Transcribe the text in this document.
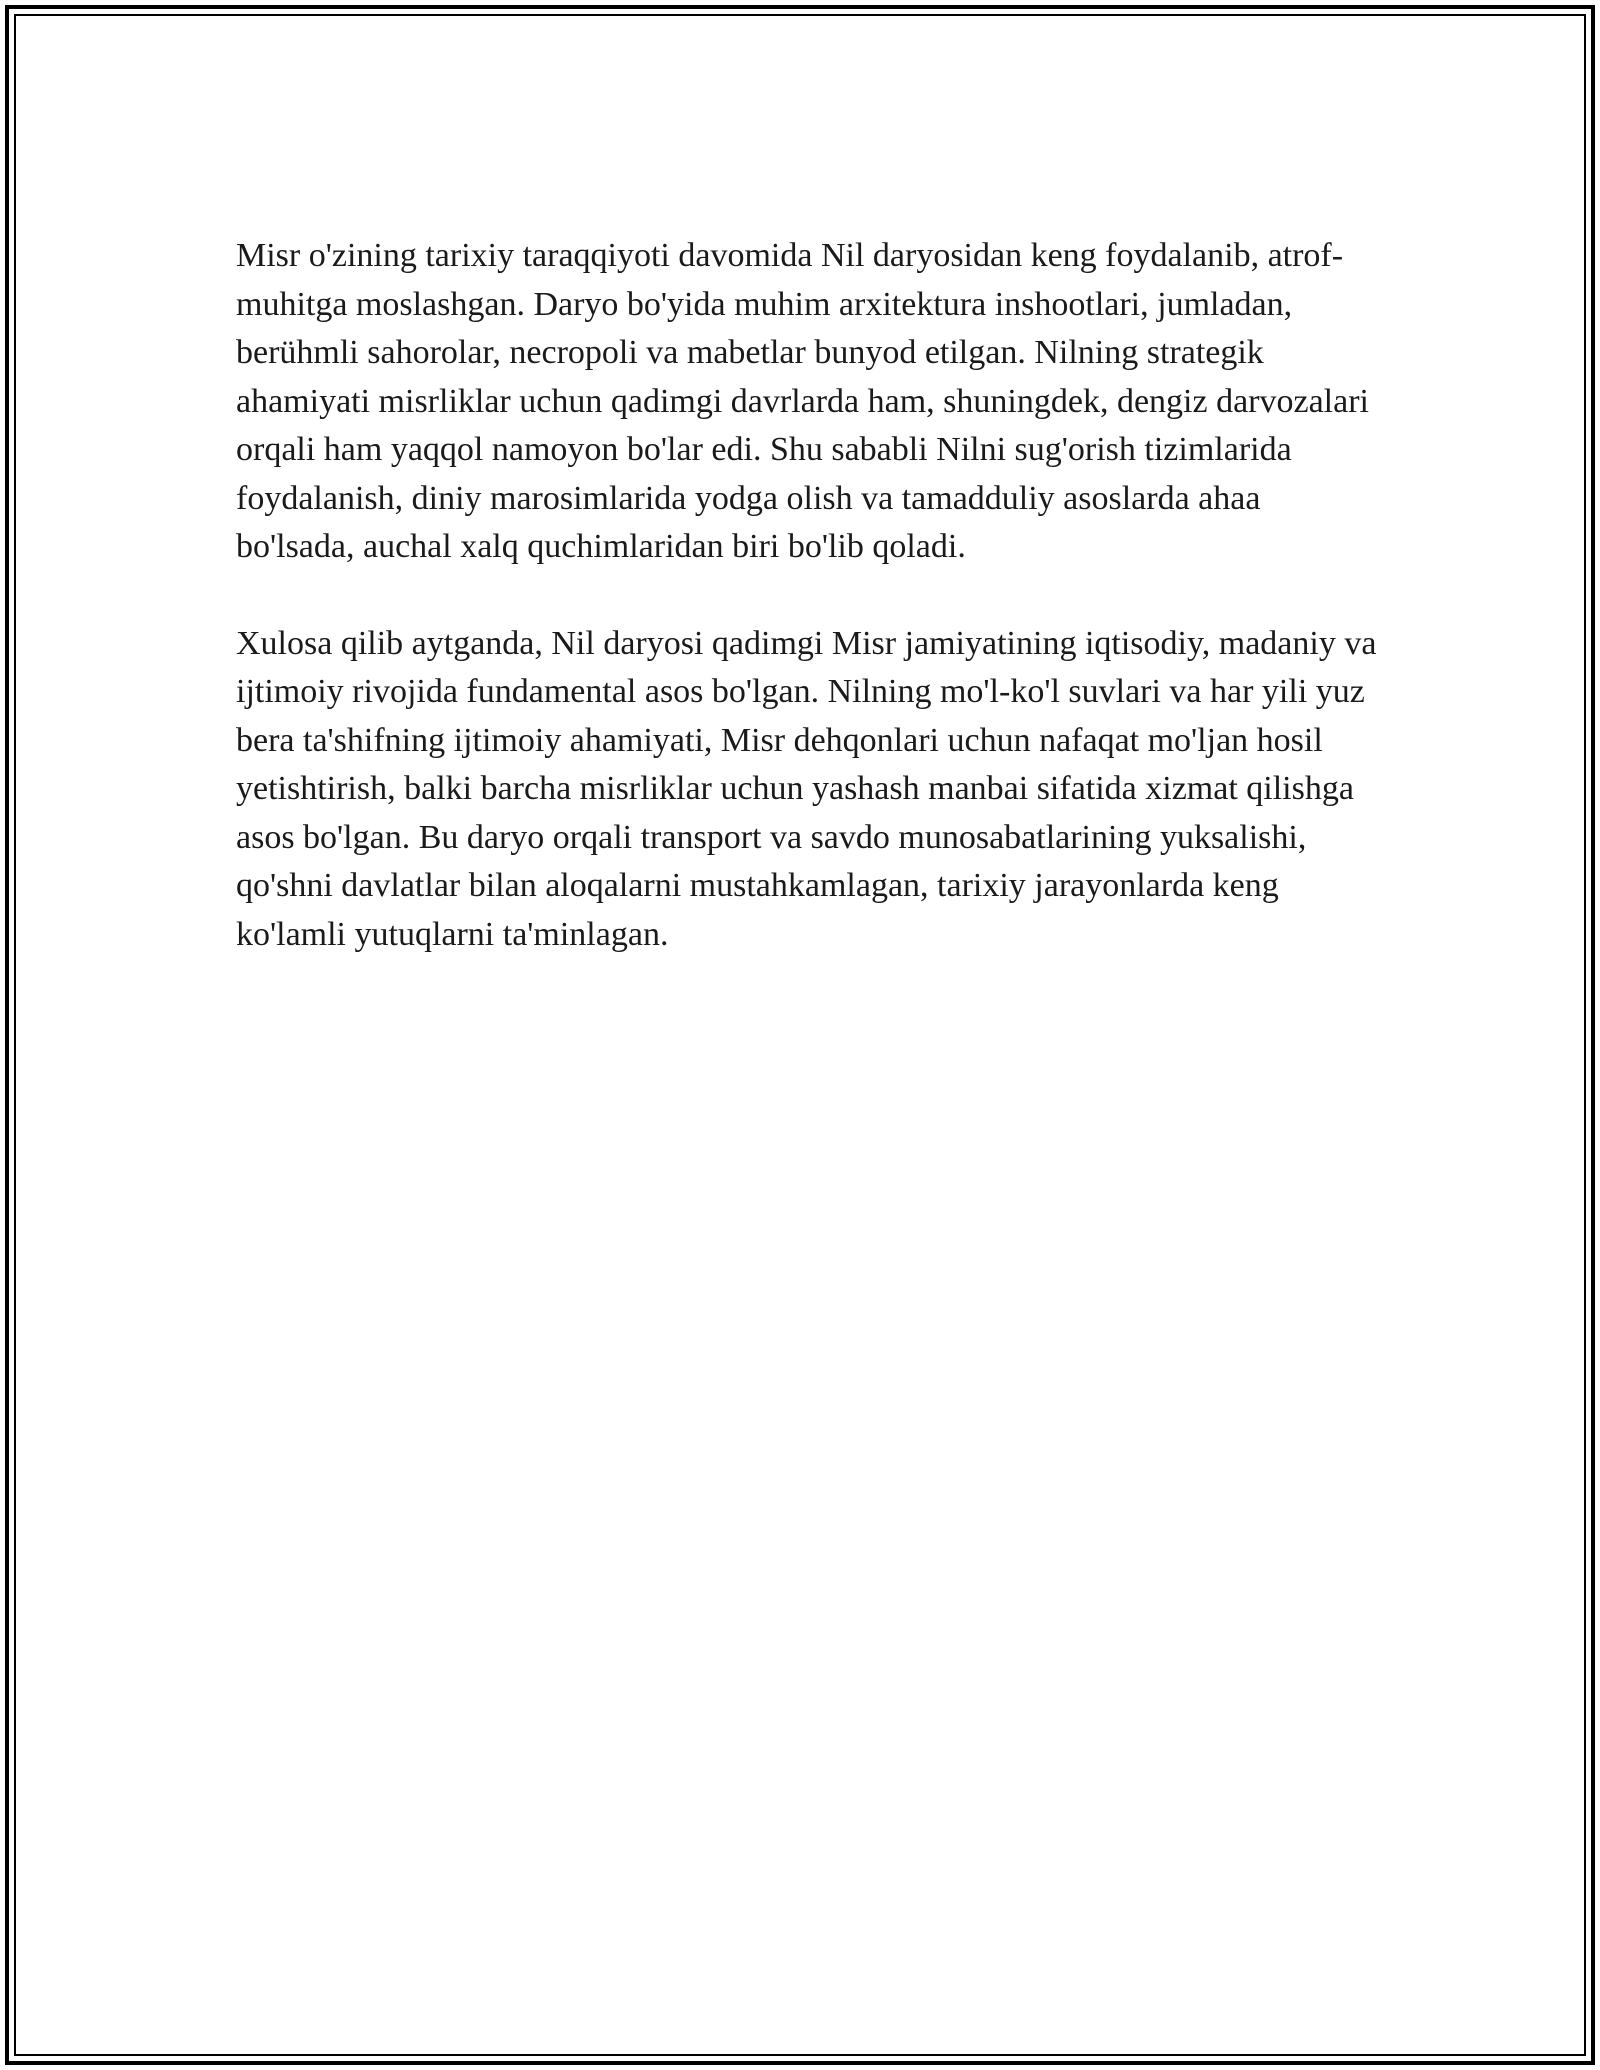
Misr o'zining tarixiy taraqqiyoti davomida Nil daryosidan keng foydalanib, atrof-muhitga moslashgan. Daryo bo'yida muhim arxitektura inshootlari, jumladan, berühmli sahorolar, necropoli va mabetlar bunyod etilgan. Nilning strategik ahamiyati misrliklar uchun qadimgi davrlarda ham, shuningdek, dengiz darvozalari orqali ham yaqqol namoyon bo'lar edi. Shu sababli Nilni sug'orish tizimlarida foydalanish, diniy marosimlarida yodga olish va tamadduliy asoslarda ahaa bo'lsada, auchal xalq quchimlaridan biri bo'lib qoladi.

Xulosa qilib aytganda, Nil daryosi qadimgi Misr jamiyatining iqtisodiy, madaniy va ijtimoiy rivojida fundamental asos bo'lgan. Nilning mo'l-ko'l suvlari va har yili yuz bera ta'shifning ijtimoiy ahamiyati, Misr dehqonlari uchun nafaqat mo'ljan hosil yetishtirish, balki barcha misrliklar uchun yashash manbai sifatida xizmat qilishga asos bo'lgan. Bu daryo orqali transport va savdo munosabatlarining yuksalishi, qo'shni davlatlar bilan aloqalarni mustahkamlagan, tarixiy jarayonlarda keng ko'lamli yutuqlarni ta'minlagan.
